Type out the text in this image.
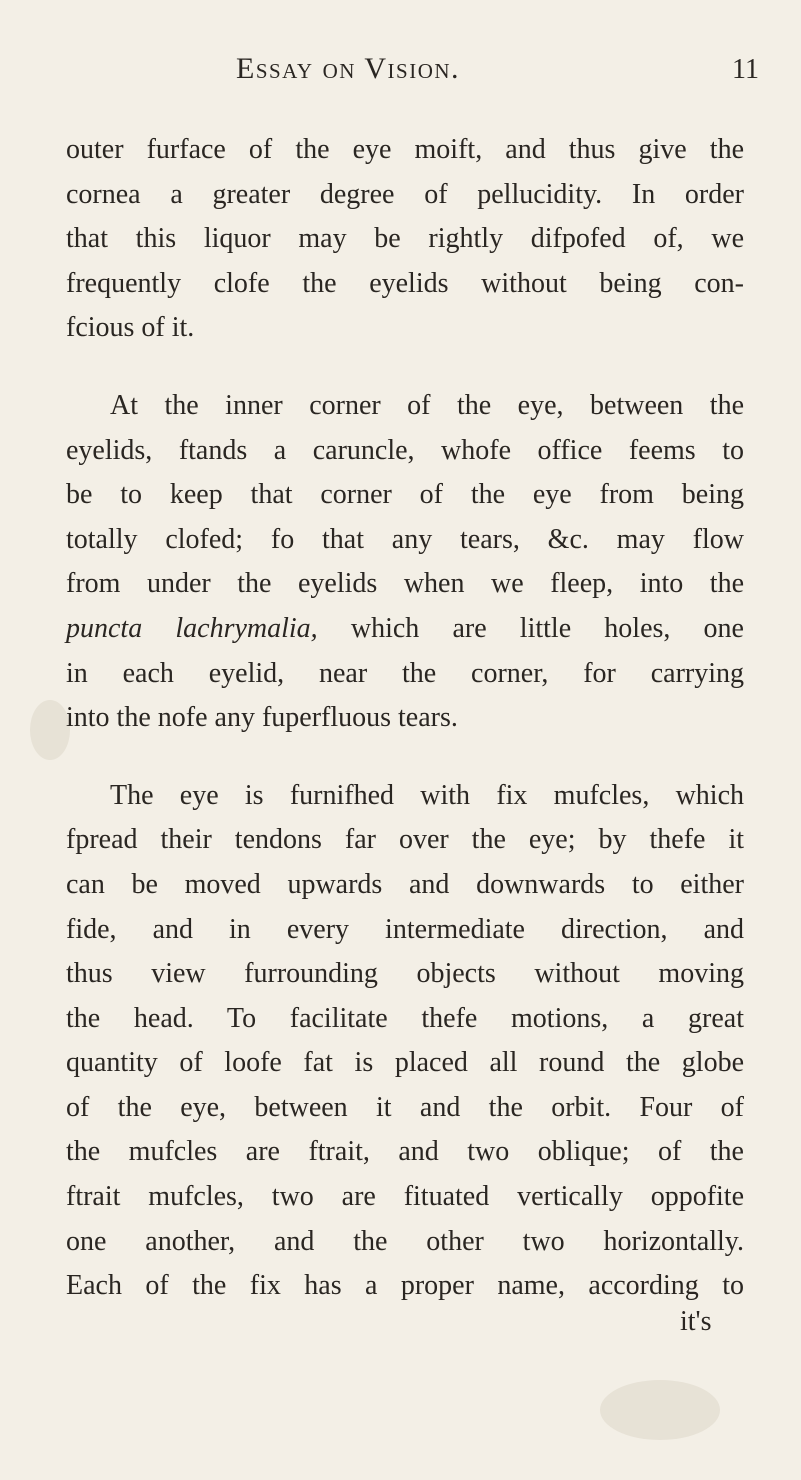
Essay on Vision.	11

outer furface of the eye moift, and thus give the
cornea a greater degree of pellucidity. In order
that this liquor may be rightly difpofed of, we
frequently clofe the eyelids without being con-
fcious of it.

At the inner corner of the eye, between the
eyelids, ftands a caruncle, whofe office feems to
be to keep that corner of the eye from being
totally clofed; fo that any tears, &c. may flow
from under the eyelids when we fleep, into the
puncta lachrymalia, which are little holes, one
in each eyelid, near the corner, for carrying
into the nofe any fuperfluous tears.

The eye is furnifhed with fix mufcles, which
fpread their tendons far over the eye; by thefe it
can be moved upwards and downwards to either
fide, and in every intermediate direction, and
thus view furrounding objects without moving
the head. To facilitate thefe motions, a great
quantity of loofe fat is placed all round the globe
of the eye, between it and the orbit. Four of
the mufcles are ftrait, and two oblique; of the
ftrait mufcles, two are fituated vertically oppofite
one another, and the other two horizontally.
Each of the fix has a proper name, according to

it's
